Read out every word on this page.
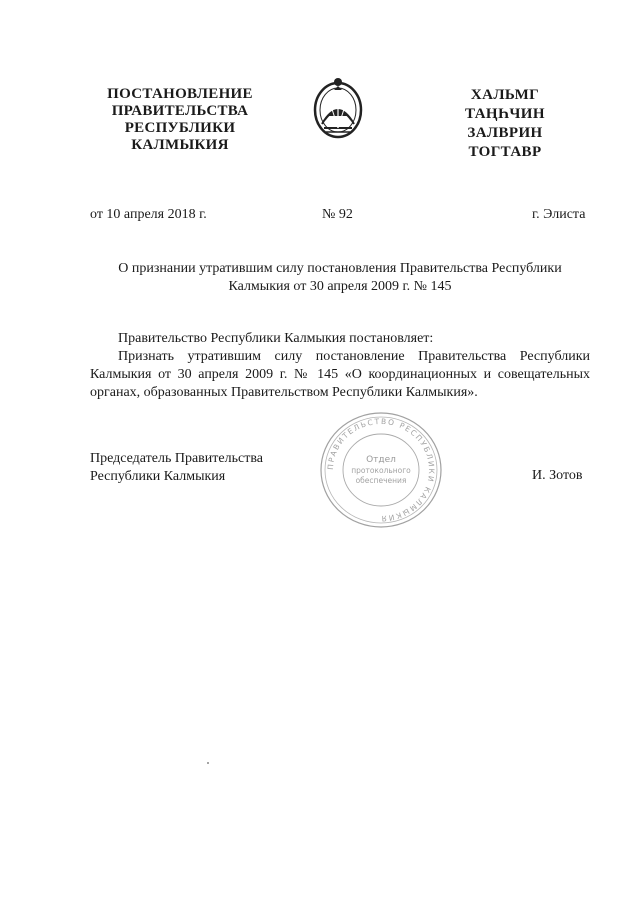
ПОСТАНОВЛЕНИЕ
ПРАВИТЕЛЬСТВА
РЕСПУБЛИКИ
КАЛМЫКИЯ
ХАЛЬМГ
ТАҢҺЧИН
ЗАЛВРИН
ТОГТАВР
от 10 апреля 2018 г.	№ 92	г. Элиста
О признании утратившим силу постановления Правительства Республики
Калмыкия от 30 апреля 2009 г. № 145
Правительство Республики Калмыкия постановляет:
Признать утратившим силу постановление Правительства Республики Калмыкия от 30 апреля 2009 г. № 145 «О координационных и совещательных органах, образованных Правительством Республики Калмыкия».
ПРАВИТЕЛЬСТВО РЕСПУБЛИКИ КАЛМЫКИЯ
Отдел
протокольного
обеспечения
Председатель Правительства
Республики Калмыкия	И. Зотов
